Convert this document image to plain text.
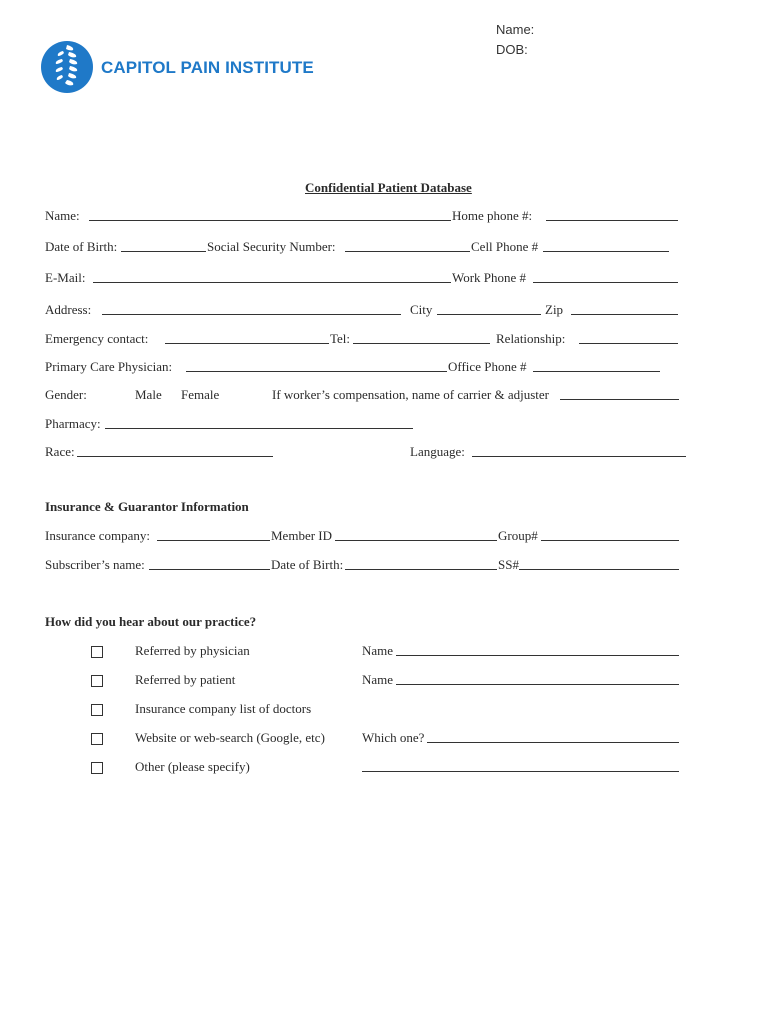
Name:
DOB:
CAPITOL PAIN INSTITUTE
Confidential Patient Database
Name:	Home phone #:
Date of Birth:	Social Security Number:	Cell Phone #
E-Mail:	Work Phone #
Address:	City	Zip
Emergency contact:	Tel:	Relationship:
Primary Care Physician:	Office Phone #
Gender:	Male Female	If worker’s compensation, name of carrier & adjuster
Pharmacy:
Race:	Language:
Insurance & Guarantor Information
Insurance company:	Member ID	Group#
Subscriber’s name:	Date of Birth:	SS#
How did you hear about our practice?
Referred by physician	Name
Referred by patient	Name
Insurance company list of doctors
Website or web-search (Google, etc)	Which one?
Other (please specify)
